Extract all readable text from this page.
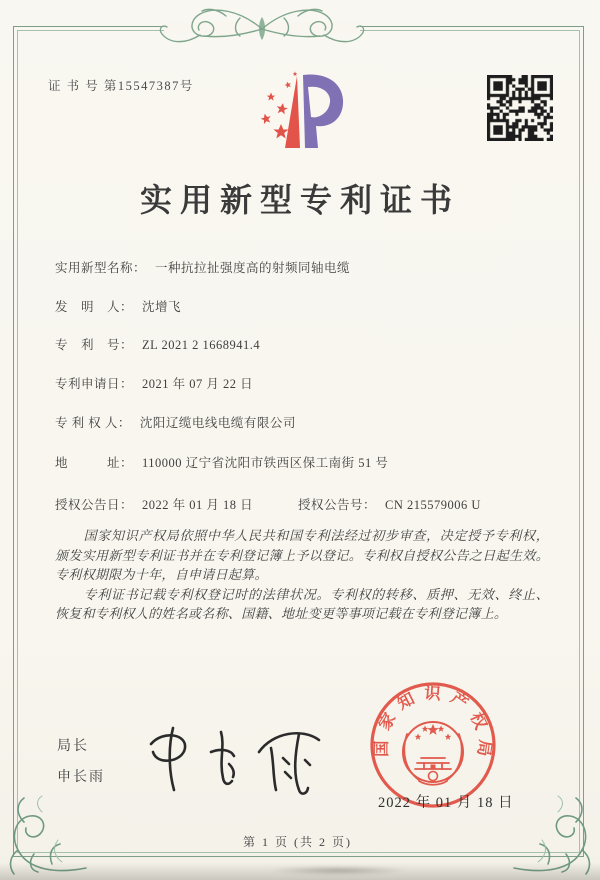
证 书 号 第15547387号
实用新型专利证书
实用新型名称： 一种抗拉扯强度高的射频同轴电缆
发　明　人： 沈增飞
专　利　号： ZL 2021 2 1668941.4
专利申请日： 2021 年 07 月 22 日
专 利 权 人： 沈阳辽缆电线电缆有限公司
地　　　址： 110000 辽宁省沈阳市铁西区保工南街 51 号
授权公告日： 2022 年 01 月 18 日	授权公告号： CN 215579006 U

国家知识产权局依照中华人民共和国专利法经过初步审查，决定授予专利权，颁发实用新型专利证书并在专利登记簿上予以登记。专利权自授权公告之日起生效。专利权期限为十年，自申请日起算。

专利证书记载专利权登记时的法律状况。专利权的转移、质押、无效、终止、恢复和专利权人的姓名或名称、国籍、地址变更等事项记载在专利登记簿上。

局长
申长雨
国家知识产权局
2022 年 01 月 18 日
第 1 页 (共 2 页)
